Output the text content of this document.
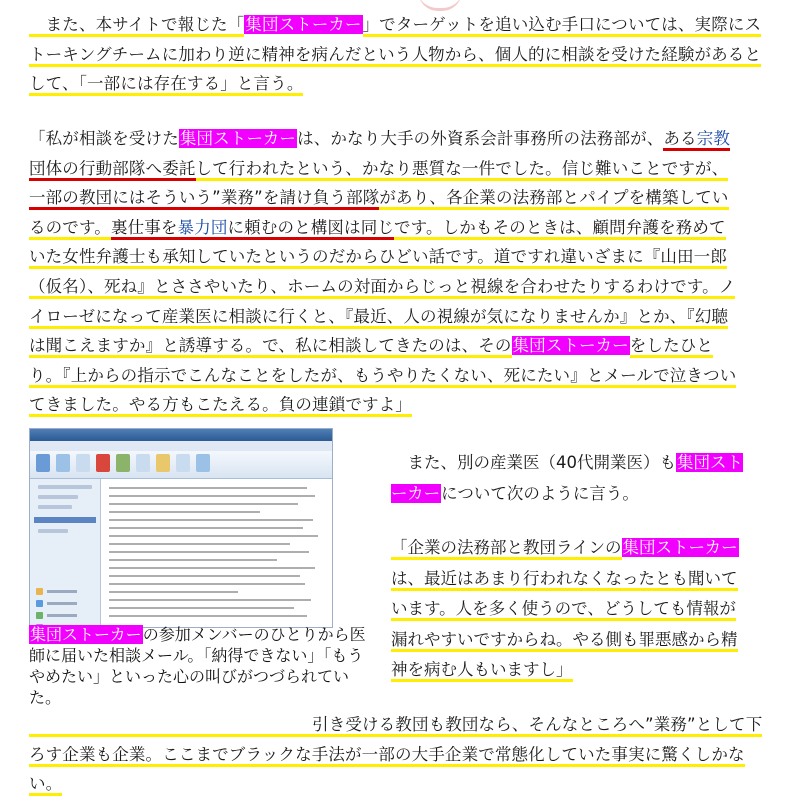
　また、本サイトで報じた「集団ストーカー」でターゲットを追い込む手口については、実際にストーキングチームに加わり逆に精神を病んだという人物から、個人的に相談を受けた経験があるとして、「一部には存在する」と言う。

「私が相談を受けた集団ストーカーは、かなり大手の外資系会計事務所の法務部が、ある宗教団体の行動部隊へ委託して行われたという、かなり悪質な一件でした。信じ難いことですが、一部の教団にはそういう”業務”を請け負う部隊があり、各企業の法務部とパイプを構築しているのです。裏仕事を暴力団に頼むのと構図は同じです。しかもそのときは、顧問弁護を務めていた女性弁護士も承知していたというのだからひどい話です。道ですれ違いざまに『山田一郎（仮名）、死ね』とささやいたり、ホームの対面からじっと視線を合わせたりするわけです。ノイローゼになって産業医に相談に行くと、『最近、人の視線が気になりませんか』とか、『幻聴は聞こえますか』と誘導する。で、私に相談してきたのは、その集団ストーカーをしたひとり。『上からの指示でこんなことをしたが、もうやりたくない、死にたい』とメールで泣きついてきました。やる方もこたえる。負の連鎖ですよ」

集団ストーカーの参加メンバーのひとりから医師に届いた相談メール。「納得できない」「もうやめたい」といった心の叫びがつづられていた。

　また、別の産業医（40代開業医）も集団ストーカーについて次のように言う。

「企業の法務部と教団ラインの集団ストーカーは、最近はあまり行われなくなったとも聞いています。人を多く使うので、どうしても情報が漏れやすいですからね。やる側も罪悪感から精神を病む人もいますし」

　　　　　　　　　　　　　　　　　引き受ける教団も教団なら、そんなところへ”業務”として下ろす企業も企業。ここまでブラックな手法が一部の大手企業で常態化していた事実に驚くしかない。
